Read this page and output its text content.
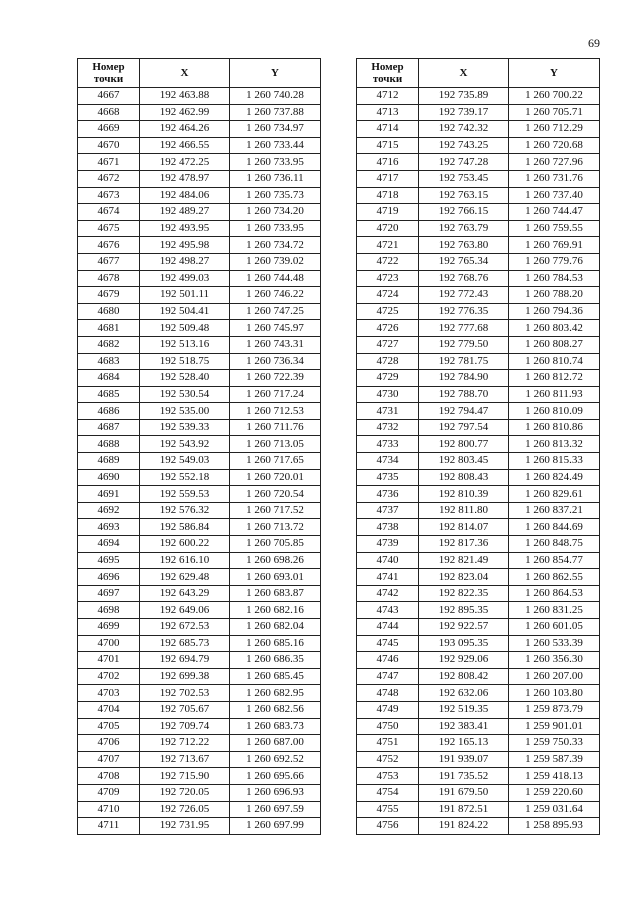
69
Номер
точки	X	Y
4667	192 463.88	1 260 740.28
4668	192 462.99	1 260 737.88
4669	192 464.26	1 260 734.97
4670	192 466.55	1 260 733.44
4671	192 472.25	1 260 733.95
4672	192 478.97	1 260 736.11
4673	192 484.06	1 260 735.73
4674	192 489.27	1 260 734.20
4675	192 493.95	1 260 733.95
4676	192 495.98	1 260 734.72
4677	192 498.27	1 260 739.02
4678	192 499.03	1 260 744.48
4679	192 501.11	1 260 746.22
4680	192 504.41	1 260 747.25
4681	192 509.48	1 260 745.97
4682	192 513.16	1 260 743.31
4683	192 518.75	1 260 736.34
4684	192 528.40	1 260 722.39
4685	192 530.54	1 260 717.24
4686	192 535.00	1 260 712.53
4687	192 539.33	1 260 711.76
4688	192 543.92	1 260 713.05
4689	192 549.03	1 260 717.65
4690	192 552.18	1 260 720.01
4691	192 559.53	1 260 720.54
4692	192 576.32	1 260 717.52
4693	192 586.84	1 260 713.72
4694	192 600.22	1 260 705.85
4695	192 616.10	1 260 698.26
4696	192 629.48	1 260 693.01
4697	192 643.29	1 260 683.87
4698	192 649.06	1 260 682.16
4699	192 672.53	1 260 682.04
4700	192 685.73	1 260 685.16
4701	192 694.79	1 260 686.35
4702	192 699.38	1 260 685.45
4703	192 702.53	1 260 682.95
4704	192 705.67	1 260 682.56
4705	192 709.74	1 260 683.73
4706	192 712.22	1 260 687.00
4707	192 713.67	1 260 692.52
4708	192 715.90	1 260 695.66
4709	192 720.05	1 260 696.93
4710	192 726.05	1 260 697.59
4711	192 731.95	1 260 697.99
Номер
точки	X	Y
4712	192 735.89	1 260 700.22
4713	192 739.17	1 260 705.71
4714	192 742.32	1 260 712.29
4715	192 743.25	1 260 720.68
4716	192 747.28	1 260 727.96
4717	192 753.45	1 260 731.76
4718	192 763.15	1 260 737.40
4719	192 766.15	1 260 744.47
4720	192 763.79	1 260 759.55
4721	192 763.80	1 260 769.91
4722	192 765.34	1 260 779.76
4723	192 768.76	1 260 784.53
4724	192 772.43	1 260 788.20
4725	192 776.35	1 260 794.36
4726	192 777.68	1 260 803.42
4727	192 779.50	1 260 808.27
4728	192 781.75	1 260 810.74
4729	192 784.90	1 260 812.72
4730	192 788.70	1 260 811.93
4731	192 794.47	1 260 810.09
4732	192 797.54	1 260 810.86
4733	192 800.77	1 260 813.32
4734	192 803.45	1 260 815.33
4735	192 808.43	1 260 824.49
4736	192 810.39	1 260 829.61
4737	192 811.80	1 260 837.21
4738	192 814.07	1 260 844.69
4739	192 817.36	1 260 848.75
4740	192 821.49	1 260 854.77
4741	192 823.04	1 260 862.55
4742	192 822.35	1 260 864.53
4743	192 895.35	1 260 831.25
4744	192 922.57	1 260 601.05
4745	193 095.35	1 260 533.39
4746	192 929.06	1 260 356.30
4747	192 808.42	1 260 207.00
4748	192 632.06	1 260 103.80
4749	192 519.35	1 259 873.79
4750	192 383.41	1 259 901.01
4751	192 165.13	1 259 750.33
4752	191 939.07	1 259 587.39
4753	191 735.52	1 259 418.13
4754	191 679.50	1 259 220.60
4755	191 872.51	1 259 031.64
4756	191 824.22	1 258 895.93
